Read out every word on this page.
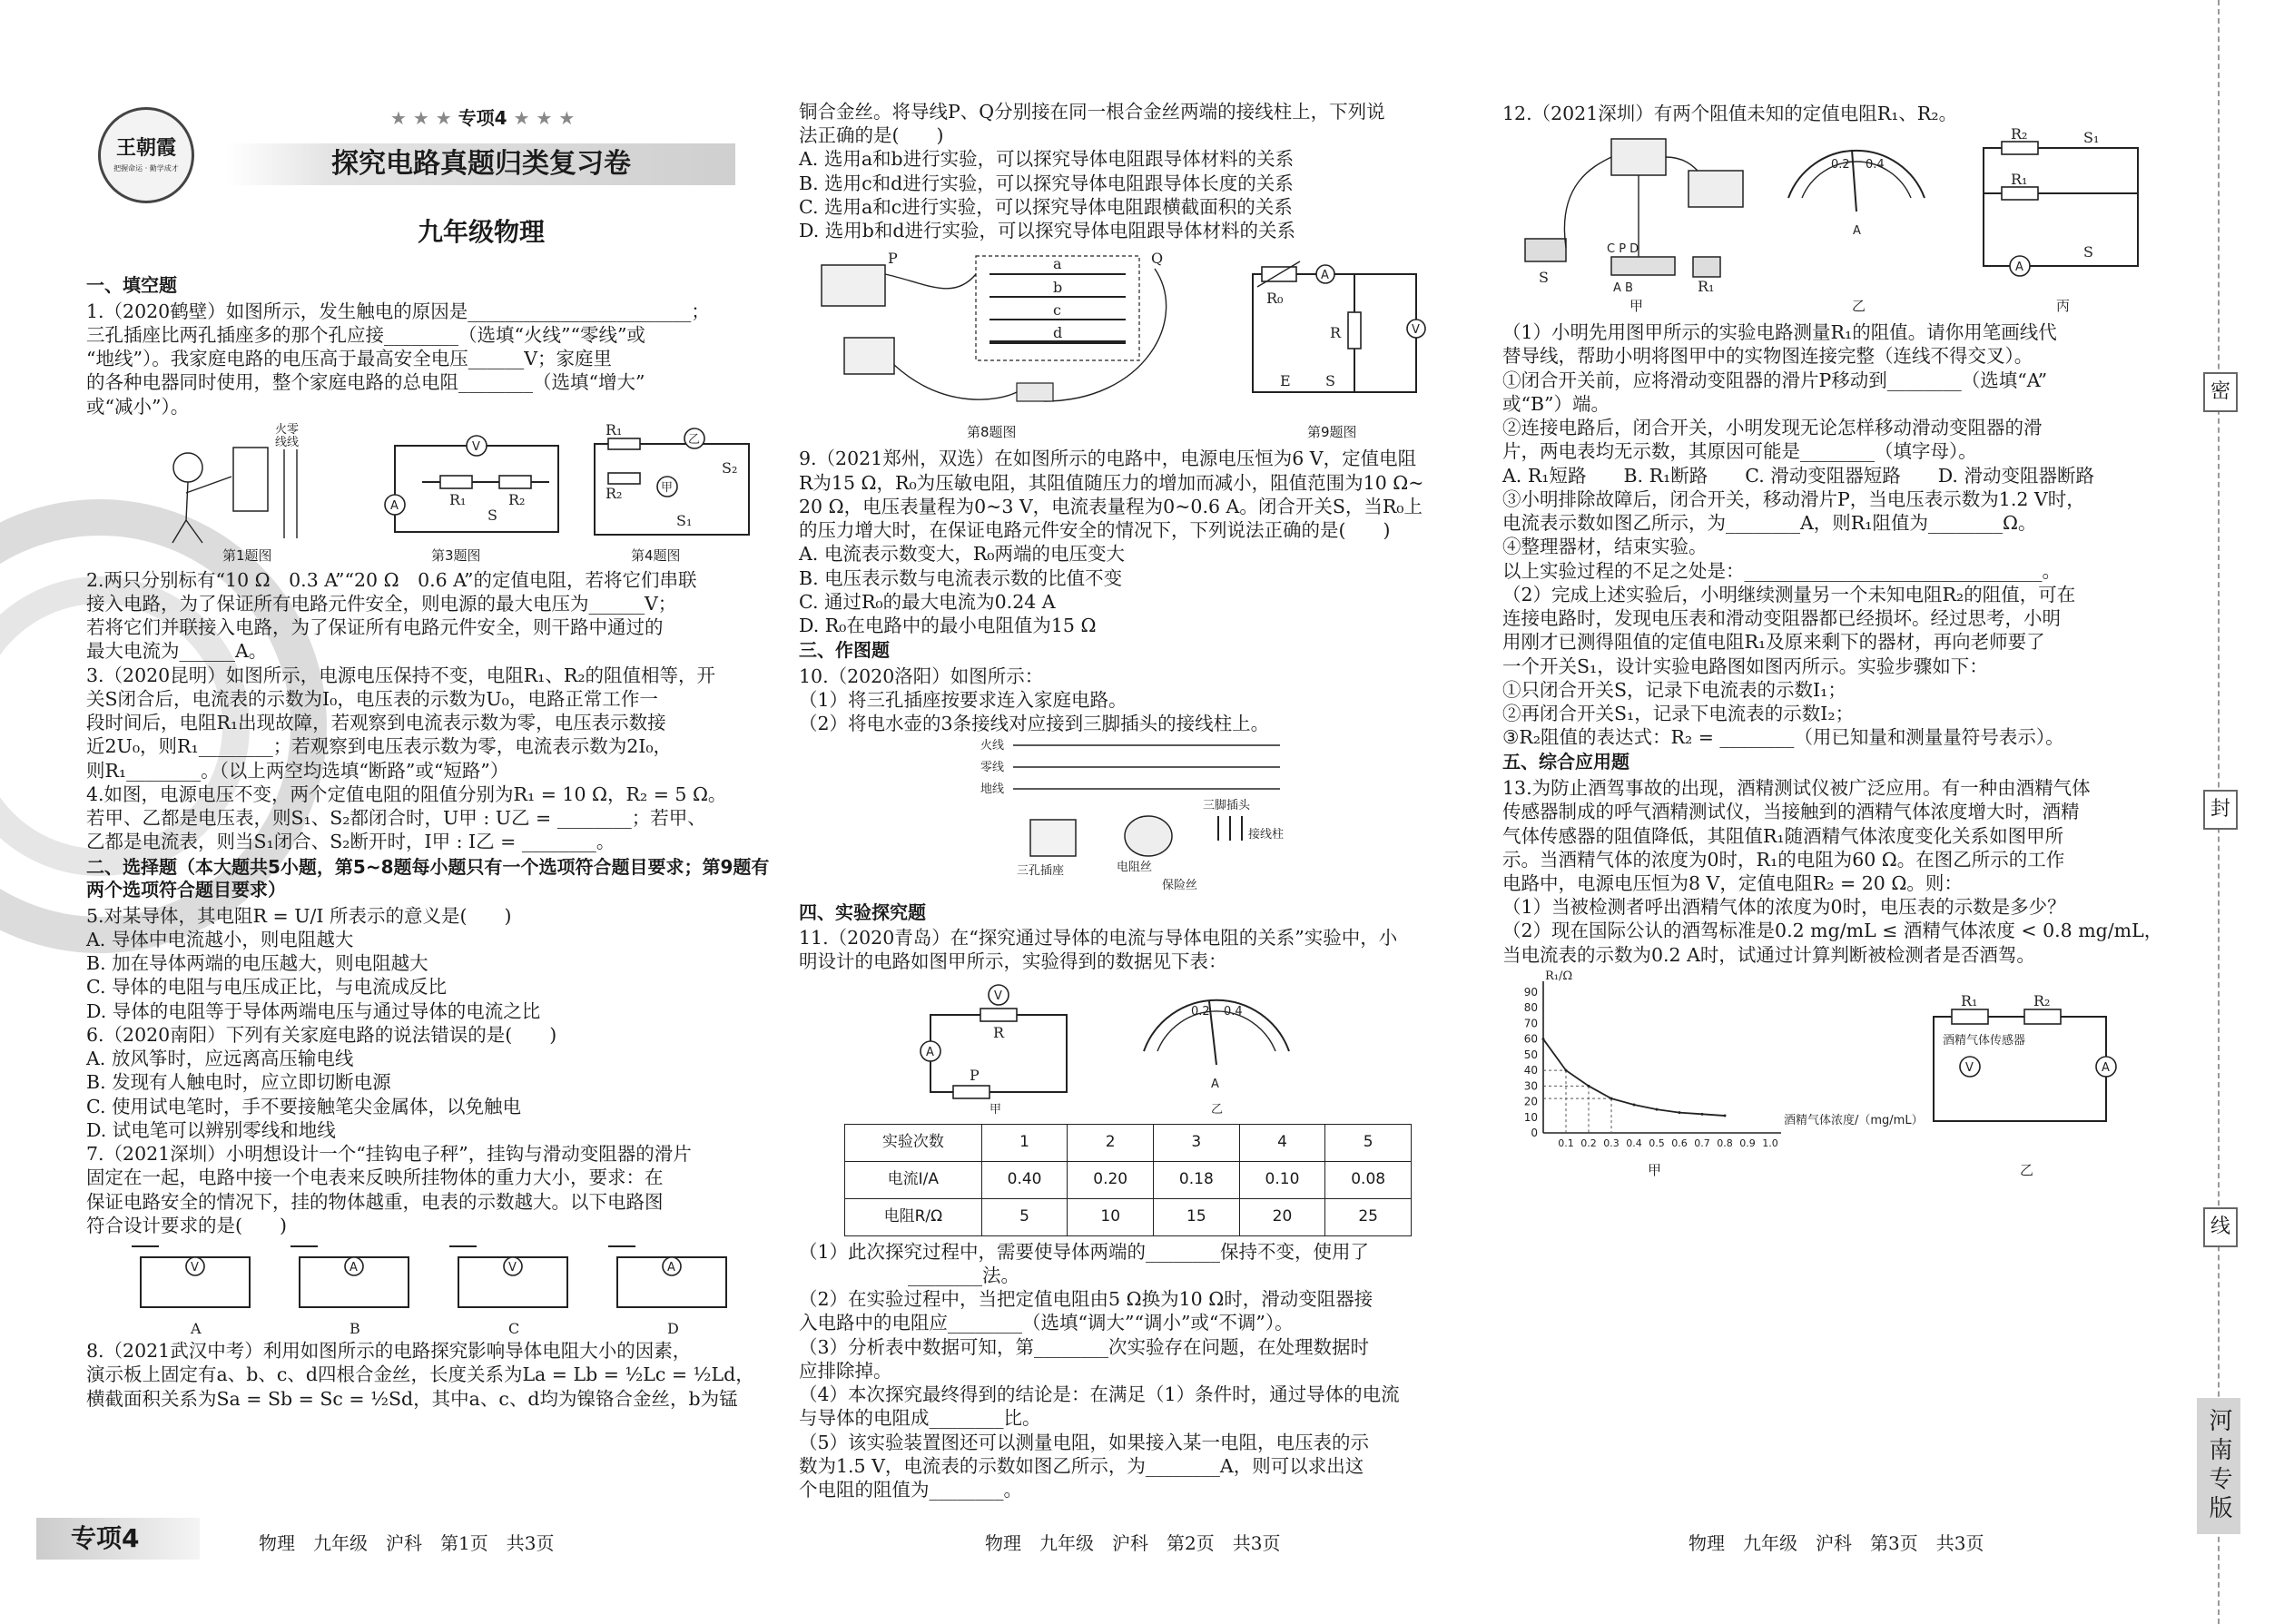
王朝霞
把握命运 · 勤学成才
★ ★ ★ 专项4 ★ ★ ★
探究电路真题归类复习卷
九年级物理
一、填空题

1.（2020鹤壁）如图所示，发生触电的原因是________________________；

三孔插座比两孔插座多的那个孔应接________（选填“火线”“零线”或

“地线”）。我家庭电路的电压高于最高安全电压______V；家庭里

的各种电器同时使用，整个家庭电路的总电阻________（选填“增大”

或“减小”）。

火零
线线	V
R₁	R₂
A
S
R₁
R₂
乙
甲
S₂
S₁
第1题图	第3题图	第4题图

2.两只分别标有“10 Ω　0.3 A”“20 Ω　0.6 A”的定值电阻，若将它们串联

接入电路，为了保证所有电路元件安全，则电源的最大电压为______V；

若将它们并联接入电路，为了保证所有电路元件安全，则干路中通过的

最大电流为______A。

3.（2020昆明）如图所示，电源电压保持不变，电阻R₁、R₂的阻值相等，开

关S闭合后，电流表的示数为I₀，电压表的示数为U₀，电路正常工作一

段时间后，电阻R₁出现故障，若观察到电流表示数为零，电压表示数接

近2U₀，则R₁________；若观察到电压表示数为零，电流表示数为2I₀，

则R₁________。（以上两空均选填“断路”或“短路”）

4.如图，电源电压不变，两个定值电阻的阻值分别为R₁ = 10 Ω，R₂ = 5 Ω。

若甲、乙都是电压表，则S₁、S₂都闭合时，U甲 : U乙 = ________；若甲、

乙都是电流表，则当S₁闭合、S₂断开时，I甲 : I乙 = ________。

二、选择题（本大题共5小题，第5~8题每小题只有一个选项符合题目要求；第9题有两个选项符合题目要求）

5.对某导体，其电阻R = U/I 所表示的意义是(　　)

A. 导体中电流越小，则电阻越大

B. 加在导体两端的电压越大，则电阻越大

C. 导体的电阻与电压成正比，与电流成反比

D. 导体的电阻等于导体两端电压与通过导体的电流之比

6.（2020南阳）下列有关家庭电路的说法错误的是(　　)

A. 放风筝时，应远离高压输电线

B. 发现有人触电时，应立即切断电源

C. 使用试电笔时，手不要接触笔尖金属体，以免触电

D. 试电笔可以辨别零线和地线

7.（2021深圳）小明想设计一个“挂钩电子秤”，挂钩与滑动变阻器的滑片

固定在一起，电路中接一个电表来反映所挂物体的重力大小，要求：在

保证电路安全的情况下，挂的物体越重，电表的示数越大。以下电路图

符合设计要求的是(　　)

V	A	V	A
A	B	C	D

8.（2021武汉中考）利用如图所示的电路探究影响导体电阻大小的因素，

演示板上固定有a、b、c、d四根合金丝，长度关系为La = Lb = ½Lc = ½Ld，

横截面积关系为Sa = Sb = Sc = ½Sd，其中a、c、d均为镍铬合金丝，b为锰

铜合金丝。将导线P、Q分别接在同一根合金丝两端的接线柱上，下列说

法正确的是(　　)

A. 选用a和b进行实验，可以探究导体电阻跟导体材料的关系

B. 选用c和d进行实验，可以探究导体电阻跟导体长度的关系

C. 选用a和c进行实验，可以探究导体电阻跟横截面积的关系

D. 选用b和d进行实验，可以探究导体电阻跟导体材料的关系

P	a
b
c
d
Q
R₀
A
R	V
E S
第8题图	第9题图

9.（2021郑州，双选）在如图所示的电路中，电源电压恒为6 V，定值电阻

R为15 Ω，R₀为压敏电阻，其阻值随压力的增加而减小，阻值范围为10 Ω~

20 Ω，电压表量程为0~3 V，电流表量程为0~0.6 A。闭合开关S，当R₀上

的压力增大时，在保证电路元件安全的情况下，下列说法正确的是(　　)

A. 电流表示数变大，R₀两端的电压变大

B. 电压表示数与电流表示数的比值不变

C. 通过R₀的最大电流为0.24 A

D. R₀在电路中的最小电阻值为15 Ω

三、作图题

10.（2020洛阳）如图所示：

（1）将三孔插座按要求连入家庭电路。

（2）将电水壶的3条接线对应接到三脚插头的接线柱上。

火线
零线
地线
三孔插座	电阻丝
保险丝
三脚插头
接线柱
四、实验探究题

11.（2020青岛）在“探究通过导体的电流与导体电阻的关系”实验中，小

明设计的电路如图甲所示，实验得到的数据见下表：

V
R
A
P
甲
0.2 0.4
A
乙
实验次数	1	2	3	4	5
电流I/A	0.40	0.20	0.18	0.10	0.08
电阻R/Ω	5	10	15	20	25

（1）此次探究过程中，需要使导体两端的________保持不变，使用了

________法。

（2）在实验过程中，当把定值电阻由5 Ω换为10 Ω时，滑动变阻器接

入电路中的电阻应________（选填“调大”“调小”或“不调”）。

（3）分析表中数据可知，第________次实验存在问题，在处理数据时

应排除掉。

（4）本次探究最终得到的结论是：在满足（1）条件时，通过导体的电流

与导体的电阻成________比。

（5）该实验装置图还可以测量电阻，如果接入某一电阻，电压表的示

数为1.5 V，电流表的示数如图乙所示，为________A，则可以求出这

个电阻的阻值为________。

12.（2021深圳）有两个阻值未知的定值电阻R₁、R₂。

S
C P D
A B	R₁
0.2 0.4
A
R₂	S₁
R₁
A
S
甲	乙	丙

（1）小明先用图甲所示的实验电路测量R₁的阻值。请你用笔画线代

替导线，帮助小明将图甲中的实物图连接完整（连线不得交叉）。

①闭合开关前，应将滑动变阻器的滑片P移动到________（选填“A”

或“B”）端。

②连接电路后，闭合开关，小明发现无论怎样移动滑动变阻器的滑

片，两电表均无示数，其原因可能是________（填字母）。

A. R₁短路　　B. R₁断路　　C. 滑动变阻器短路　　D. 滑动变阻器断路

③小明排除故障后，闭合开关，移动滑片P，当电压表示数为1.2 V时，

电流表示数如图乙所示，为________A，则R₁阻值为________Ω。

④整理器材，结束实验。

以上实验过程的不足之处是：________________________________。

（2）完成上述实验后，小明继续测量另一个未知电阻R₂的阻值，可在

连接电路时，发现电压表和滑动变阻器都已经损坏。经过思考，小明

用刚才已测得阻值的定值电阻R₁及原来剩下的器材，再向老师要了

一个开关S₁，设计实验电路图如图丙所示。实验步骤如下：

①只闭合开关S，记录下电流表的示数I₁；

②再闭合开关S₁，记录下电流表的示数I₂；

③R₂阻值的表达式：R₂ = ________（用已知量和测量量符号表示）。

五、综合应用题

13.为防止酒驾事故的出现，酒精测试仪被广泛应用。有一种由酒精气体

传感器制成的呼气酒精测试仪，当接触到的酒精气体浓度增大时，酒精

气体传感器的阻值降低，其阻值R₁随酒精气体浓度变化关系如图甲所

示。当酒精气体的浓度为0时，R₁的电阻为60 Ω。在图乙所示的工作

电路中，电源电压恒为8 V，定值电阻R₂ = 20 Ω。则：

（1）当被检测者呼出酒精气体的浓度为0时，电压表的示数是多少？

（2）现在国际公认的酒驾标准是0.2 mg/mL ≤ 酒精气体浓度 < 0.8 mg/mL，

当电流表的示数为0.2 A时，试通过计算判断被检测者是否酒驾。

0
10
20
30
40
50
60
70
80
90
0.1 0.2 0.3 0.4 0.5 0.6 0.7 0.8 0.9 1.0
R₁/Ω
酒精气体浓度/（mg/mL）
甲
R₁	R₂
酒精气体传感器
V	A
乙
密
封
线
河南专版
专项4	物理　九年级　沪科　第1页　共3页	物理　九年级　沪科　第2页　共3页	物理　九年级　沪科　第3页　共3页
